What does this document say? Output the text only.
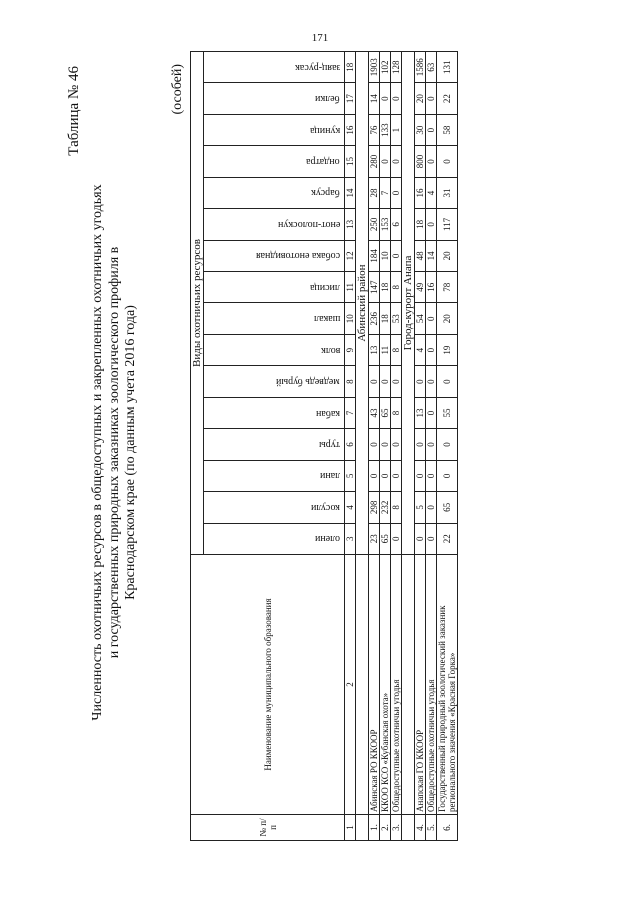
171
Таблица № 46
Численность охотничьих ресурсов в общедоступных и закрепленных охотничьих угодьях и государственных природных заказниках зоологического профиля в Краснодарском крае (по данным учета 2016 года)
(особей)
№ п/п	Наименование муниципального образования	Виды охотничьих ресурсов															

		олени	косули	лани	туры	кабан	медведь бурый	волк	шакал	лисица	собака енотовидная	енот-полоскун	барсук	ондатра	куница	белки	заяц-русак

1	2	3	4	5	6	7	8	9	10	11	12	13	14	15	16	17	18
		Абинский район															
1.	Абинская РО ККООР	23	298	0	0	43	0	13	236	147	184	250	28	280	76	14	1903
2.	ККОО КСО «Кубанская охота»	65	232	0	0	65	0	11	18	18	10	153	7	0	133	0	102
3.	Общедоступные охотничьи угодья	0	8	0	0	8	0	8	53	8	0	6	0	0	1	0	128
		Город-курорт Анапа															
4.	Анапская ГО ККООР	0	5	0	0	13	0	4	54	49	48	18	16	800	30	20	1586
5.	Общедоступные охотничьи угодья	0	0	0	0	0	0	0	0	16	14	0	4	0	0	0	63
6.	Государственный природный зоологический заказник регионального значения «Красная Горка»	22	65	0	0	55	0	19	20	78	20	117	31	0	58	22	131
